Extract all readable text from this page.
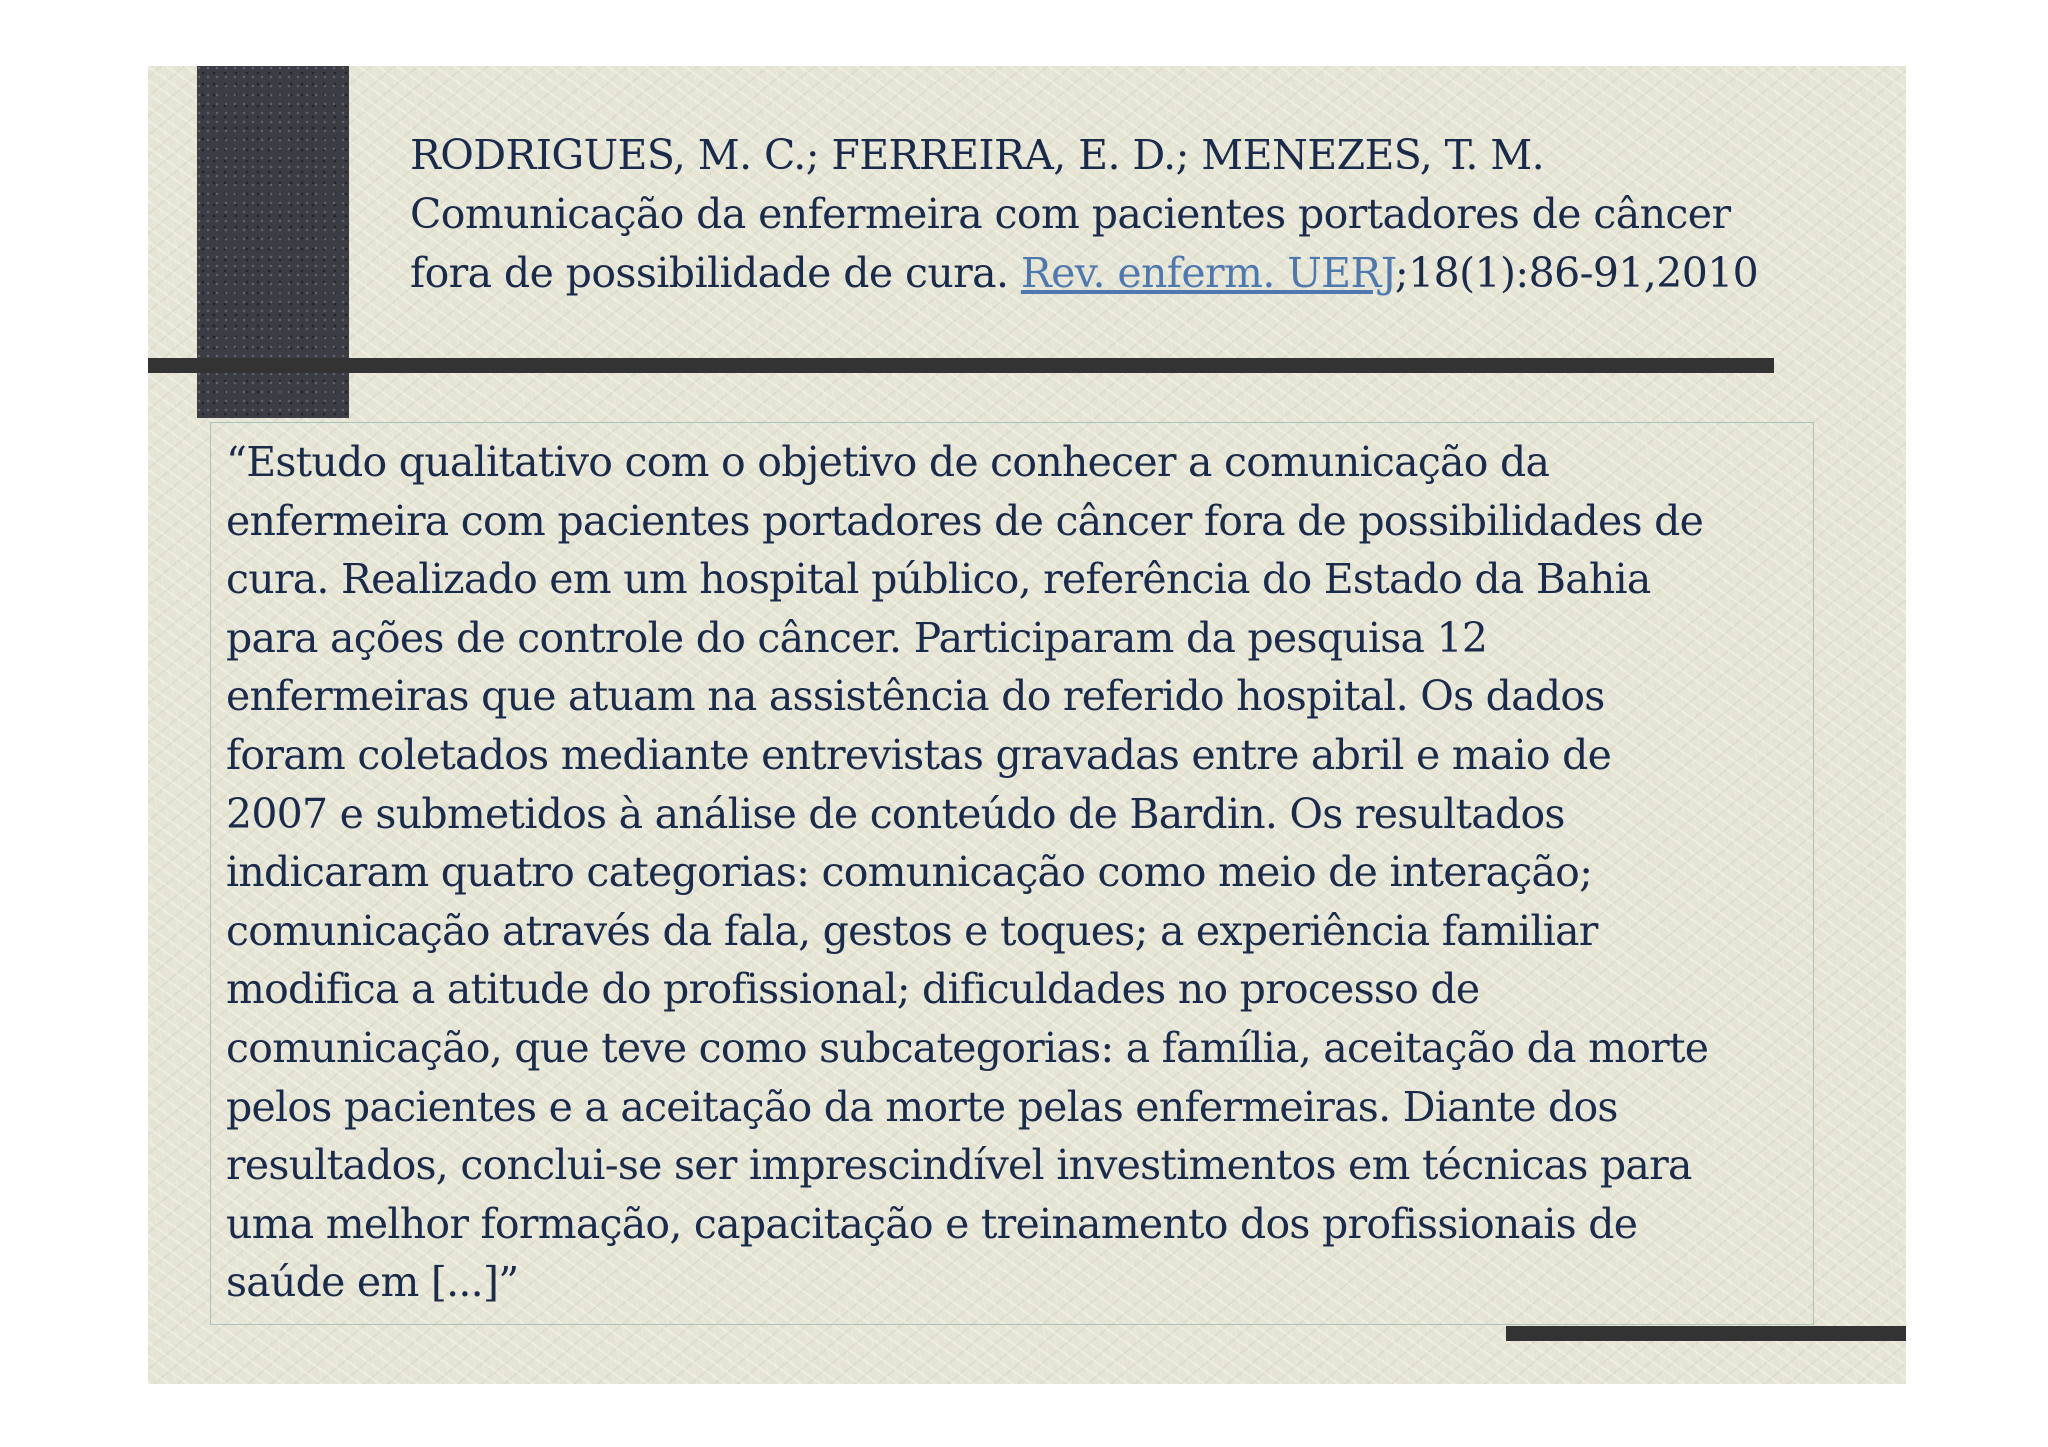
RODRIGUES, M. C.; FERREIRA, E. D.; MENEZES, T. M.
Comunicação da enfermeira com pacientes portadores de câncer fora de possibilidade de cura. Rev. enferm. UERJ;18(1):86-91,2010

“Estudo qualitativo com o objetivo de conhecer a comunicação da
enfermeira com pacientes portadores de câncer fora de possibilidades de
cura. Realizado em um hospital público, referência do Estado da Bahia
para ações de controle do câncer. Participaram da pesquisa 12
enfermeiras que atuam na assistência do referido hospital. Os dados
foram coletados mediante entrevistas gravadas entre abril e maio de
2007 e submetidos à análise de conteúdo de Bardin. Os resultados
indicaram quatro categorias: comunicação como meio de interação;
comunicação através da fala, gestos e toques; a experiência familiar
modifica a atitude do profissional; dificuldades no processo de
comunicação, que teve como subcategorias: a família, aceitação da morte
pelos pacientes e a aceitação da morte pelas enfermeiras. Diante dos
resultados, conclui-se ser imprescindível investimentos em técnicas para
uma melhor formação, capacitação e treinamento dos profissionais de
saúde em [...]”
